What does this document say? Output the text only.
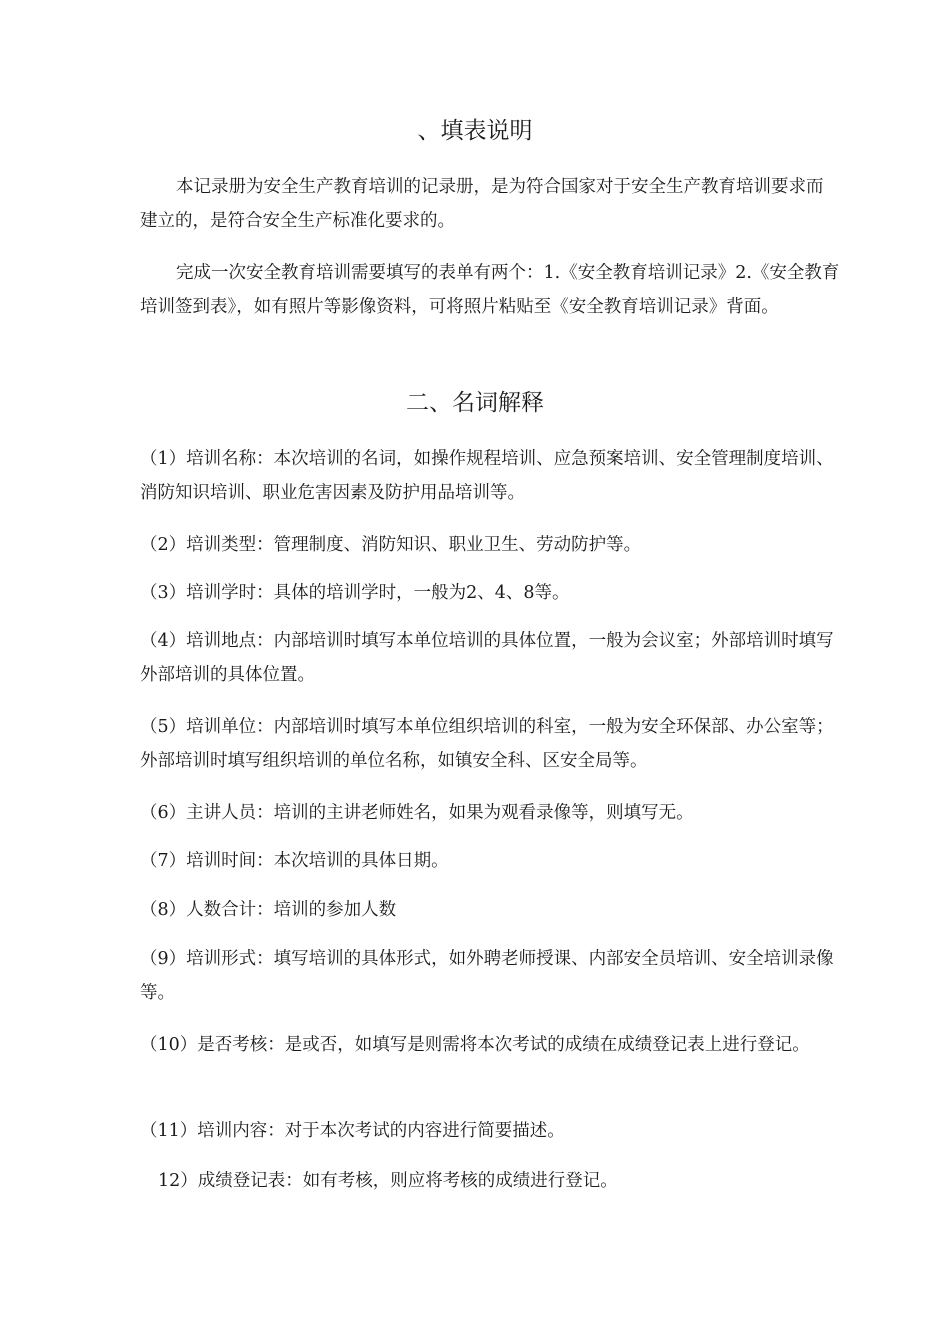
、填表说明

本记录册为安全生产教育培训的记录册，是为符合国家对于安全生产教育培训要求而建立的，是符合安全生产标准化要求的。

完成一次安全教育培训需要填写的表单有两个：1.《安全教育培训记录》2.《安全教育培训签到表》，如有照片等影像资料，可将照片粘贴至《安全教育培训记录》背面。

二、名词解释

（1）培训名称：本次培训的名词，如操作规程培训、应急预案培训、安全管理制度培训、消防知识培训、职业危害因素及防护用品培训等。

（2）培训类型：管理制度、消防知识、职业卫生、劳动防护等。

（3）培训学时：具体的培训学时，一般为2、4、8等。

（4）培训地点：内部培训时填写本单位培训的具体位置，一般为会议室；外部培训时填写外部培训的具体位置。

（5）培训单位：内部培训时填写本单位组织培训的科室，一般为安全环保部、办公室等；外部培训时填写组织培训的单位名称，如镇安全科、区安全局等。

（6）主讲人员：培训的主讲老师姓名，如果为观看录像等，则填写无。

（7）培训时间：本次培训的具体日期。

（8）人数合计：培训的参加人数

（9）培训形式：填写培训的具体形式，如外聘老师授课、内部安全员培训、安全培训录像等。

（10）是否考核：是或否，如填写是则需将本次考试的成绩在成绩登记表上进行登记。

（11）培训内容：对于本次考试的内容进行简要描述。

12）成绩登记表：如有考核，则应将考核的成绩进行登记。
